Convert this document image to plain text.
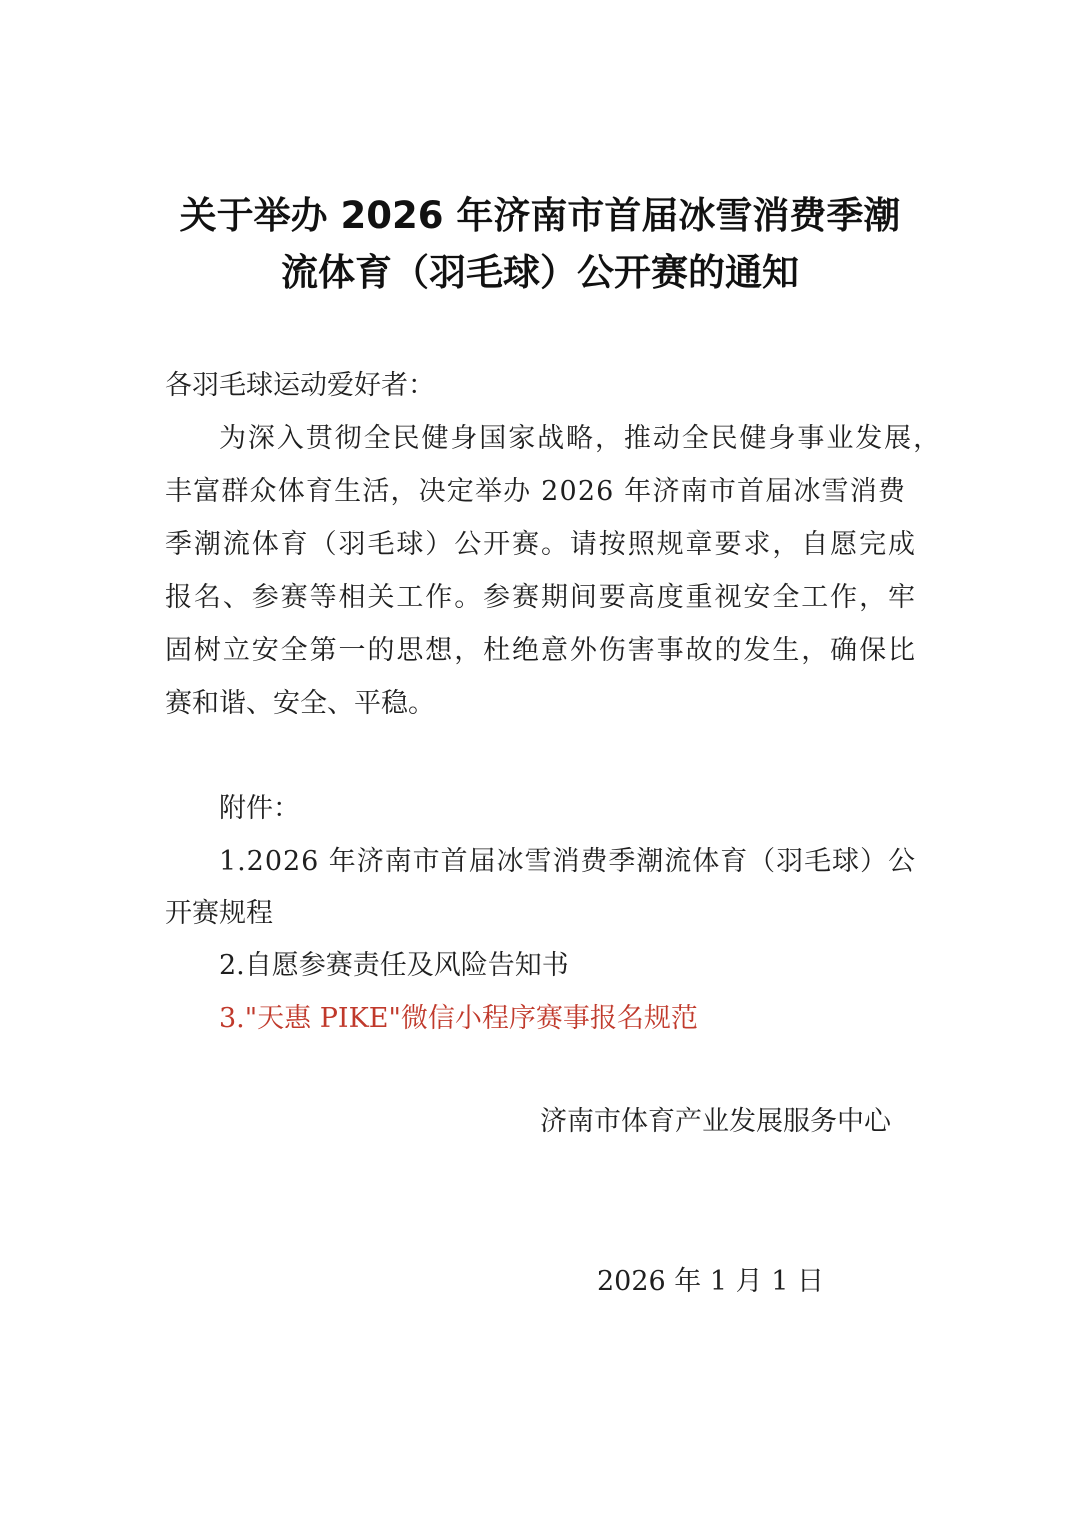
关于举办 2026 年济南市首届冰雪消费季潮
流体育（羽毛球）公开赛的通知
各羽毛球运动爱好者：
为深入贯彻全民健身国家战略，推动全民健身事业发展，
丰富群众体育生活，决定举办 2026 年济南市首届冰雪消费
季潮流体育（羽毛球）公开赛。请按照规章要求，自愿完成
报名、参赛等相关工作。参赛期间要高度重视安全工作，牢
固树立安全第一的思想，杜绝意外伤害事故的发生，确保比
赛和谐、安全、平稳。
附件：
1.2026 年济南市首届冰雪消费季潮流体育（羽毛球）公
开赛规程
2.自愿参赛责任及风险告知书
3."天惠 PIKE"微信小程序赛事报名规范
济南市体育产业发展服务中心
2026 年 1 月 1 日
